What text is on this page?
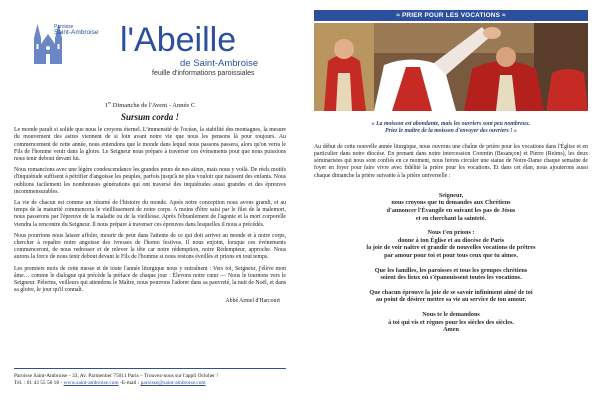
Paroisse
Saint-Ambroise l'Abeille
de Saint-Ambroise
feuille d'informations paroissiales
1er Dimanche de l'Avent - Année C
Sursum corda !

Le monde paraît si solide que nous le croyons éternel. L'immensité de l'océan, la stabilité des montagnes, la mesure du mouvement des astres viennent de si loin avant notre vie que nous les pensons là pour toujours. Au commencement de cette année, nous entendons que le monde dans lequel nous passons passera, alors qu'on verra le Fils de l'homme venir dans la gloire. Le Seigneur nous prépare à traverser ces événements pour que nous puissions nous tenir debout devant lui.

Nous romancions avec une légère condescendance les grandes peurs de nos aïeux, mais nous y voilà. De réels motifs d'inquiétude suffisent à pétrifier d'angoisse les peuples, parfois jusqu'à ne plus vouloir que naissent des enfants. Nous oublions facilement les nombreuses générations qui ont traversé des inquiétudes aussi grandes et des épreuves incommensurables.

La vie de chacun est comme un résumé de l'histoire du monde. Après notre conception nous avons grandi, et au temps de la maturité commencera le vieillissement de notre corps. A moins d'être saisi par le filet de la malemort, nous passerons par l'épreuve de la maladie ou de la vieillesse. Après l'ébranlement de l'agonie et la mort corporelle viendra la rencontre du Seigneur. Il nous prépare à traverser ces épreuves dans lesquelles il nous a précédés.

Nous pourrions nous laisser affoler, mourir de peur dans l'attente de ce qui doit arriver au monde et à notre corps, chercher à repaître notre angoisse des ivresses de l'homo festivus. Il nous enjoint, lorsque ces événements commenceront, de nous redresser et de relever la tête car notre rédemption, notre Rédempteur, approche. Nous aurons la force de nous tenir debout devant le Fils de l'homme si nous restons éveillés et prions en tout temps.

Les premiers mots de cette messe et de toute l'année liturgique nous y entraînent : Vers toi, Seigneur, j'élève mon âme… comme le dialogue qui précède la préface de chaque jour : Élevons notre cœur — Nous le tournons vers le Seigneur. Pèlerins, veilleurs qui attendons le Maître, nous pourrons l'adorer dans sa pauvreté, la nuit de Noël, et dans sa gloire, le jour qu'il connaît.

Abbé Armel d'Harcourt

Paroisse Saint-Ambroise - 33, Av. Parmentier 75011 Paris – Trouvez-nous sur l'appli Ocloher !
Tél. : 01 43 55 56 18 - www.saint-ambroise.com -E-mail : paroisse@saint-ambroise.com
≈ PRIER POUR LES VOCATIONS ≈
« La moisson est abondante, mais les ouvriers sont peu nombreux.
Priez le maître de la moisson d'envoyer des ouvriers ! »

Au début de cette nouvelle année liturgique, nous ouvrons une chaîne de prière pour les vocations dans l'Église et en particulier dans notre diocèse. En prenant dans notre intercession Corentin (Besançon) et Pierre (Reims), les deux séminaristes qui nous sont confiés en ce moment, nous ferons circuler une statue de Notre-Dame chaque semaine de foyer en foyer pour faire vivre avec fidélité la prière pour les vocations. Et dans cet élan, nous ajouterons aussi chaque dimanche la prière suivante à la prière universelle :

Seigneur,
nous croyons que tu demandes aux Chrétiens
d'annoncer l'Évangile en suivant les pas de Jésus
et en cherchant la sainteté.

Nous t'en prions :
donne à ton Église et au diocèse de Paris
la joie de voir naître et grandir de nouvelles vocations de prêtres
par amour pour toi et pour tous ceux que tu aimes.

Que les familles, les paroisses et tous les groupes chrétiens
soient des lieux où s'épanouissent toutes les vocations.

Que chacun éprouve la joie de se savoir infiniment aimé de toi
au point de désirer mettre sa vie au service de ton amour.

Nous te le demandons
à toi qui vis et règnes pour les siècles des siècles.
Amen
